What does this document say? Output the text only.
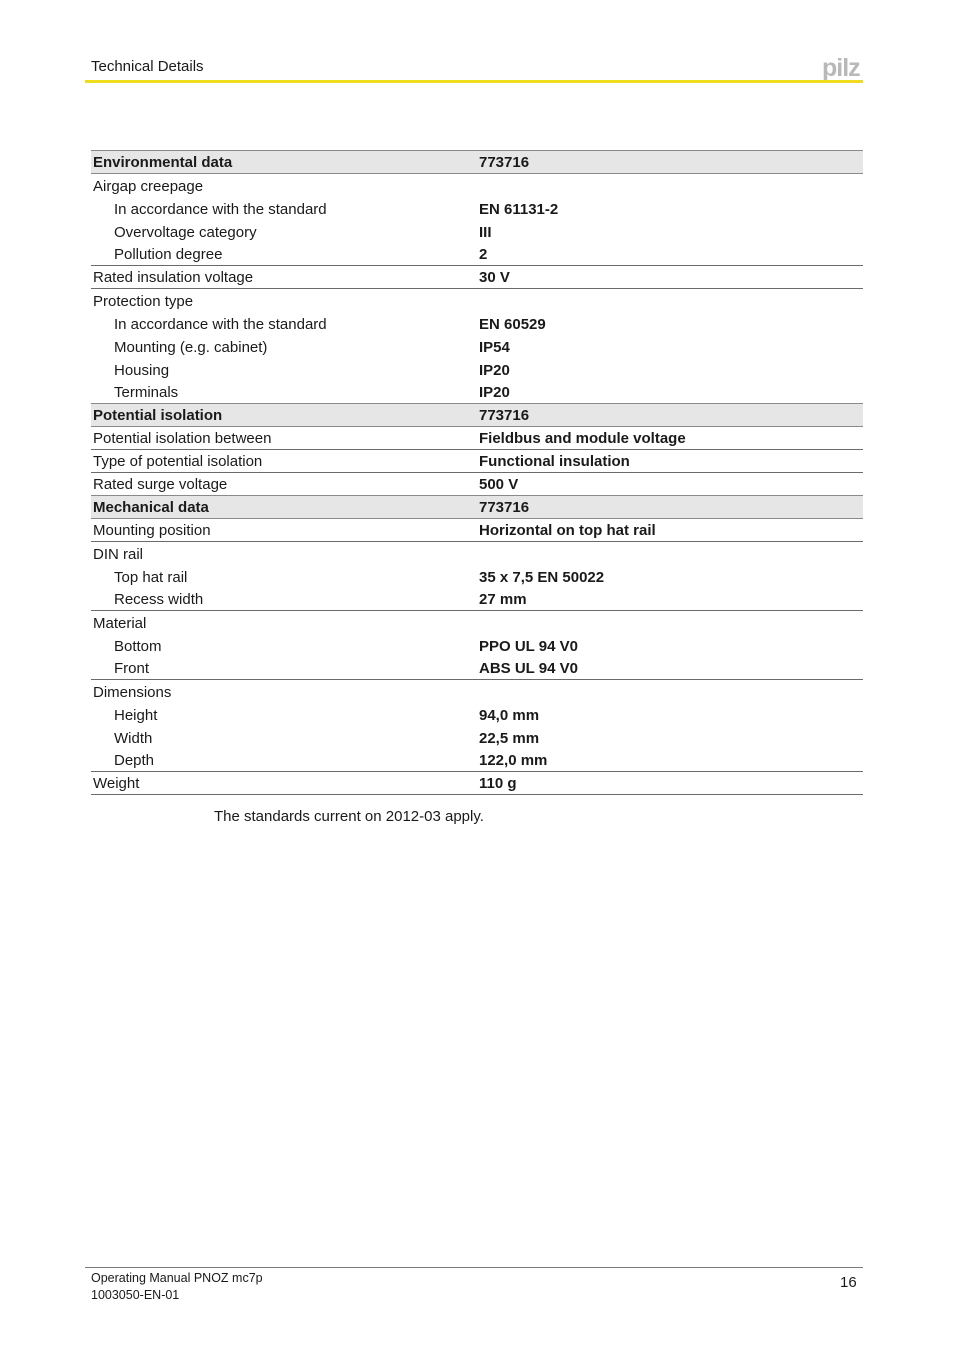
Technical Details	pilz
Environmental data	773716
Airgap creepage	
In accordance with the standard	EN 61131-2
Overvoltage category	III
Pollution degree	2
Rated insulation voltage	30 V
Protection type	
In accordance with the standard	EN 60529
Mounting (e.g. cabinet)	IP54
Housing	IP20
Terminals	IP20
Potential isolation	773716
Potential isolation between	Fieldbus and module voltage
Type of potential isolation	Functional insulation
Rated surge voltage	500 V
Mechanical data	773716
Mounting position	Horizontal on top hat rail
DIN rail	
Top hat rail	35 x 7,5 EN 50022
Recess width	27 mm
Material	
Bottom	PPO UL 94 V0
Front	ABS UL 94 V0
Dimensions	
Height	94,0 mm
Width	22,5 mm
Depth	122,0 mm
Weight	110 g
The standards current on 2012-03 apply.
Operating Manual PNOZ mc7p
1003050-EN-01
16
